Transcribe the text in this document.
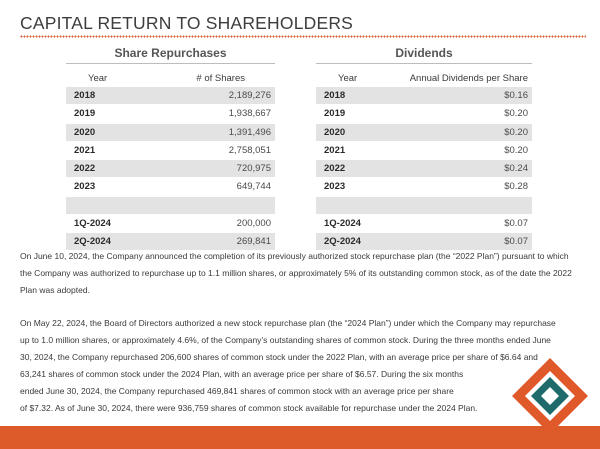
CAPITAL RETURN TO SHAREHOLDERS
Share Repurchases
Year	# of Shares
2018	2,189,276
2019	1,938,667
2020	1,391,496
2021	2,758,051
2022	720,975
2023	649,744
1Q-2024	200,000
2Q-2024	269,841
Dividends
Year	Annual Dividends per Share
2018	$0.16
2019	$0.20
2020	$0.20
2021	$0.20
2022	$0.24
2023	$0.28
1Q-2024	$0.07
2Q-2024	$0.07

On June 10, 2024, the Company announced the completion of its previously authorized stock repurchase plan (the “2022 Plan”) pursuant to which the Company was authorized to repurchase up to 1.1 million shares, or approximately 5% of its outstanding common stock, as of the date the 2022 Plan was adopted.

On May 22, 2024, the Board of Directors authorized a new stock repurchase plan (the “2024 Plan”) under which the Company may repurchase
up to 1.0 million shares, or approximately 4.6%, of the Company’s outstanding shares of common stock. During the three months ended June
30, 2024, the Company repurchased 206,600 shares of common stock under the 2022 Plan, with an average price per share of $6.64 and
63,241 shares of common stock under the 2024 Plan, with an average price per share of $6.57. During the six months
ended June 30, 2024, the Company repurchased 469,841 shares of common stock with an average price per share
of $7.32. As of June 30, 2024, there were 936,759 shares of common stock available for repurchase under the 2024 Plan.
28
